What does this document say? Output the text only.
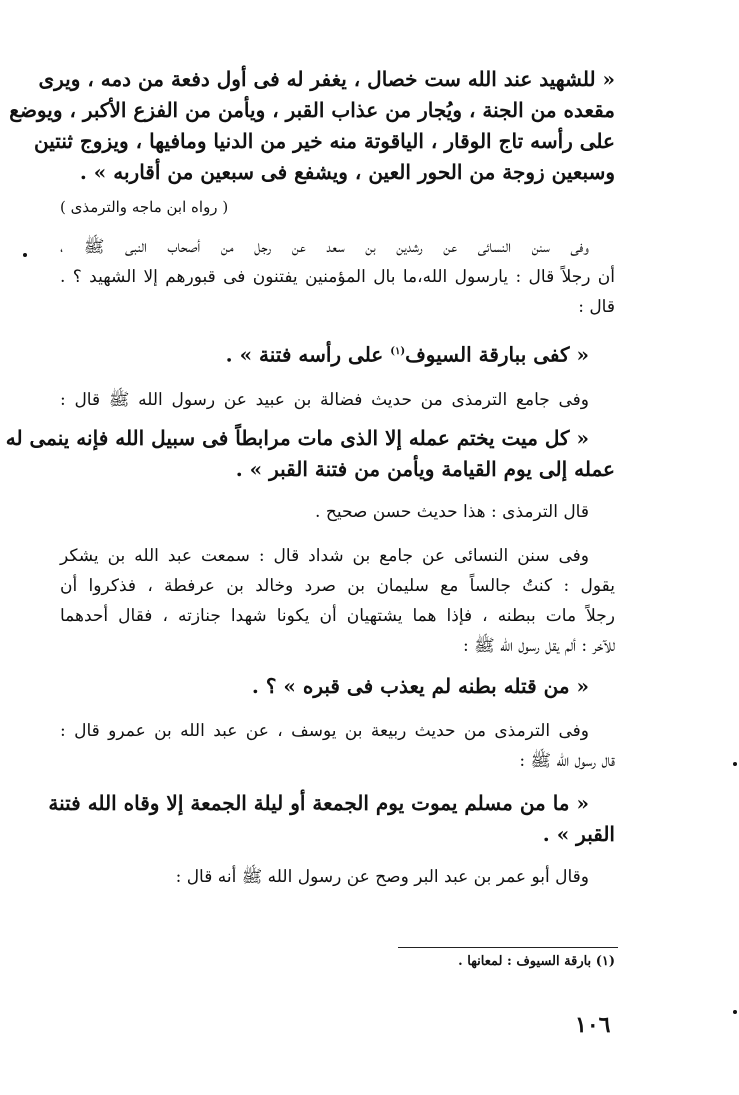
« للشهيد عند الله ست خصال ، يغفر له فى أول دفعة من دمه ، ويرى
مقعده من الجنة ، ويُجار من عذاب القبر ، ويأمن من الفزع الأكبر ، ويوضع
على رأسه تاج الوقار ، الياقوتة منه خير من الدنيا ومافيها ، ويزوج ثنتين
وسبعين زوجة من الحور العين ، ويشفع فى سبعين من أقاربه » .
( رواه ابن ماجه والترمذى )
وفى سنن النسائى عن رشدين بن سعد عن رجل من أصحاب النبى ﷺ ،
أن رجلاً قال : يارسول الله،ما بال المؤمنين يفتنون فى قبورهم إلا الشهيد ؟ .
قال :
« كفى ببارقة السيوف$^{(١)}$ على رأسه فتنة » .
وفى جامع الترمذى من حديث فضالة بن عبيد عن رسول الله ﷺ قال :
« كل ميت يختم عمله إلا الذى مات مرابطاً فى سبيل الله فإنه ينمى له
عمله إلى يوم القيامة ويأمن من فتنة القبر » .
قال الترمذى : هذا حديث حسن صحيح .
وفى سنن النسائى عن جامع بن شداد قال : سمعت عبد الله بن يشكر
يقول : كنتُ جالساً مع سليمان بن صرد وخالد بن عرفطة ، فذكروا أن
رجلاً مات ببطنه ، فإذا هما يشتهيان أن يكونا شهدا جنازته ، فقال أحدهما
للآخر : ألم يقل رسول الله ﷺ :
« من قتله بطنه لم يعذب فى قبره » ؟ .
وفى الترمذى من حديث ربيعة بن يوسف ، عن عبد الله بن عمرو قال :
قال رسول الله ﷺ :
« ما من مسلم يموت يوم الجمعة أو ليلة الجمعة إلا وقاه الله فتنة
القبر » .
وقال أبو عمر بن عبد البر وصح عن رسول الله ﷺ أنه قال :
(١) بارقة السيوف : لمعانها .
١٠٦
